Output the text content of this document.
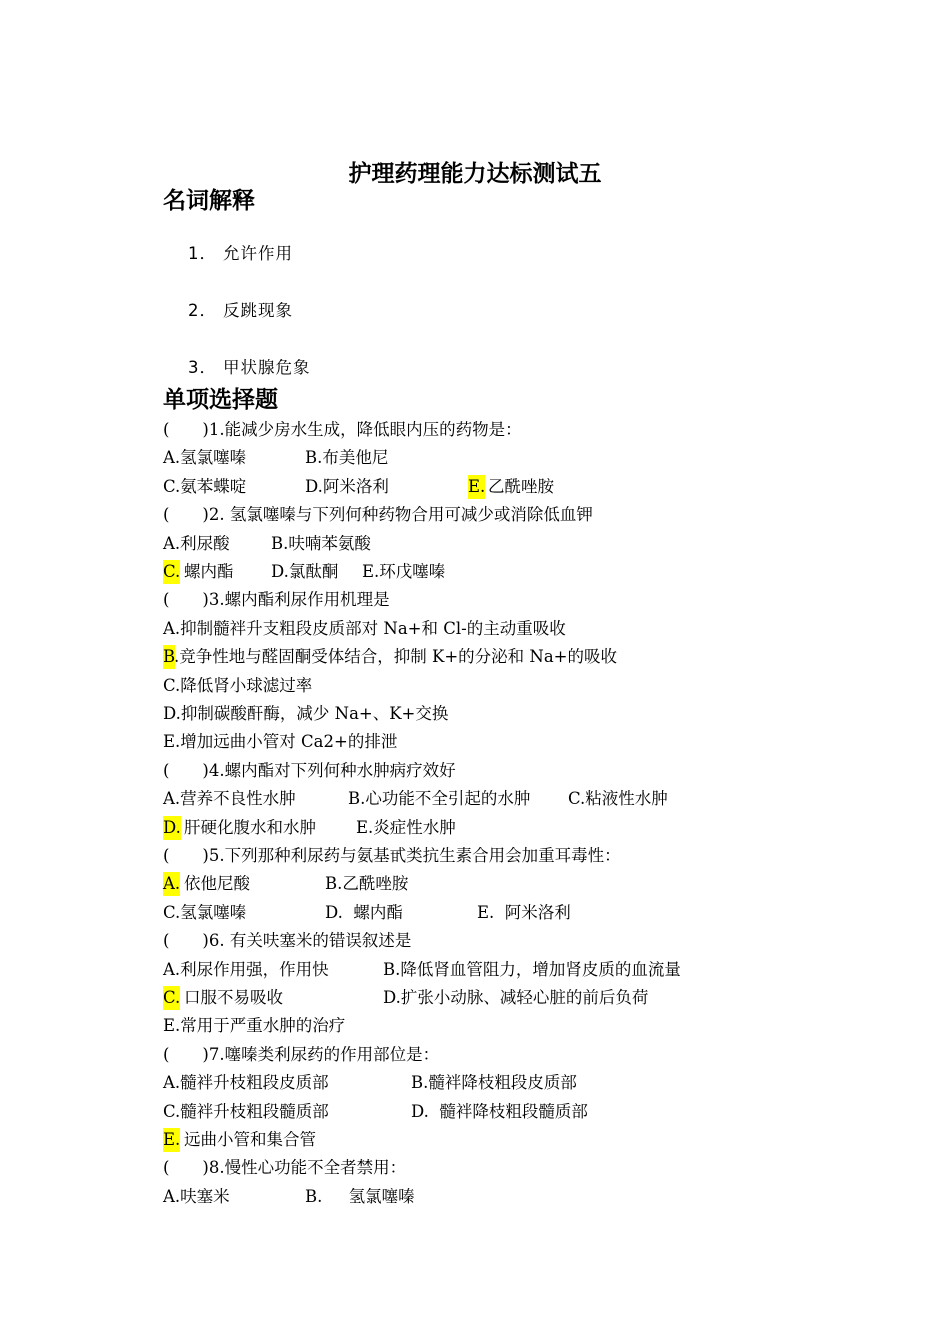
护理药理能力达标测试五
名词解释

1． 允许作用

2． 反跳现象

3． 甲状腺危象

单项选择题
(　　)1.能减少房水生成，降低眼内压的药物是：
A.氢氯噻嗪	B.布美他尼
C.氨苯蝶啶	D.阿米洛利	E. 乙酰唑胺
(　　)2. 氢氯噻嗪与下列何种药物合用可减少或消除低血钾
A.利尿酸	B.呋喃苯氨酸
C. 螺内酯 D.氯酞酮 E.环戊噻嗪
(　　)3.螺内酯利尿作用机理是
A.抑制髓袢升支粗段皮质部对 Na+和 Cl-的主动重吸收
B
.竞争性地与醛固酮受体结合，抑制 K+的分泌和 Na+的吸收
C.降低肾小球滤过率
D.抑制碳酸酐酶，减少 Na+、K+交换
E.增加远曲小管对 Ca2+的排泄
(　　)4.螺内酯对下列何种水肿病疗效好
A.营养不良性水肿	B.心功能不全引起的水肿 C.粘液性水肿
D. 肝硬化腹水和水肿 E.炎症性水肿
(　　)5.下列那种利尿药与氨基甙类抗生素合用会加重耳毒性：
A. 依他尼酸	B.乙酰唑胺
C.氢氯噻嗪	D.  螺内酯	E.  阿米洛利
(　　)6. 有关呋塞米的错误叙述是
A.利尿作用强，作用快	B.降低肾血管阻力，增加肾皮质的血流量
C. 口服不易吸收	D.扩张小动脉、减轻心脏的前后负荷
E.常用于严重水肿的治疗
(　　)7.噻嗪类利尿药的作用部位是：
A.髓袢升枝粗段皮质部	B.髓袢降枝粗段皮质部
C.髓袢升枝粗段髓质部	D.  髓袢降枝粗段髓质部
E. 远曲小管和集合管
(　　)8.慢性心功能不全者禁用：
A.呋塞米	B.     氢氯噻嗪
